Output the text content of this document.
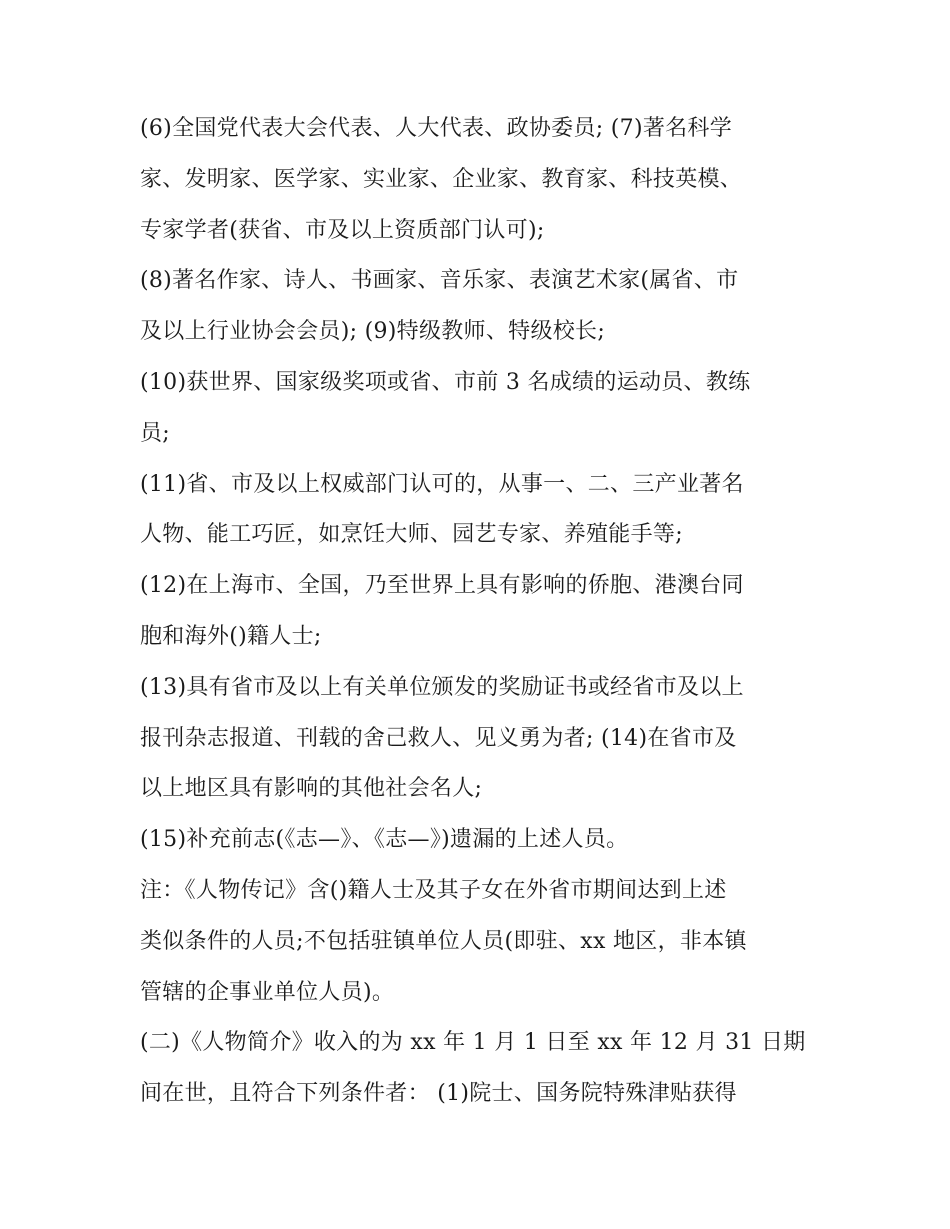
(6)全国党代表大会代表、人大代表、政协委员; (7)著名科学
家、发明家、医学家、实业家、企业家、教育家、科技英模、
专家学者(获省、市及以上资质部门认可);
(8)著名作家、诗人、书画家、音乐家、表演艺术家(属省、市
及以上行业协会会员); (9)特级教师、特级校长;
(10)获世界、国家级奖项或省、市前 3 名成绩的运动员、教练
员;
(11)省、市及以上权威部门认可的，从事一、二、三产业著名
人物、能工巧匠，如烹饪大师、园艺专家、养殖能手等;
(12)在上海市、全国，乃至世界上具有影响的侨胞、港澳台同
胞和海外()籍人士;
(13)具有省市及以上有关单位颁发的奖励证书或经省市及以上
报刊杂志报道、刊载的舍己救人、见义勇为者; (14)在省市及
以上地区具有影响的其他社会名人;
(15)补充前志(《志—》、《志—》)遗漏的上述人员。
注：《人物传记》含()籍人士及其子女在外省市期间达到上述
类似条件的人员;不包括驻镇单位人员(即驻、xx 地区，非本镇
管辖的企事业单位人员)。
(二)《人物简介》收入的为 xx 年 1 月 1 日至 xx 年 12 月 31 日期
间在世，且符合下列条件者： (1)院士、国务院特殊津贴获得
